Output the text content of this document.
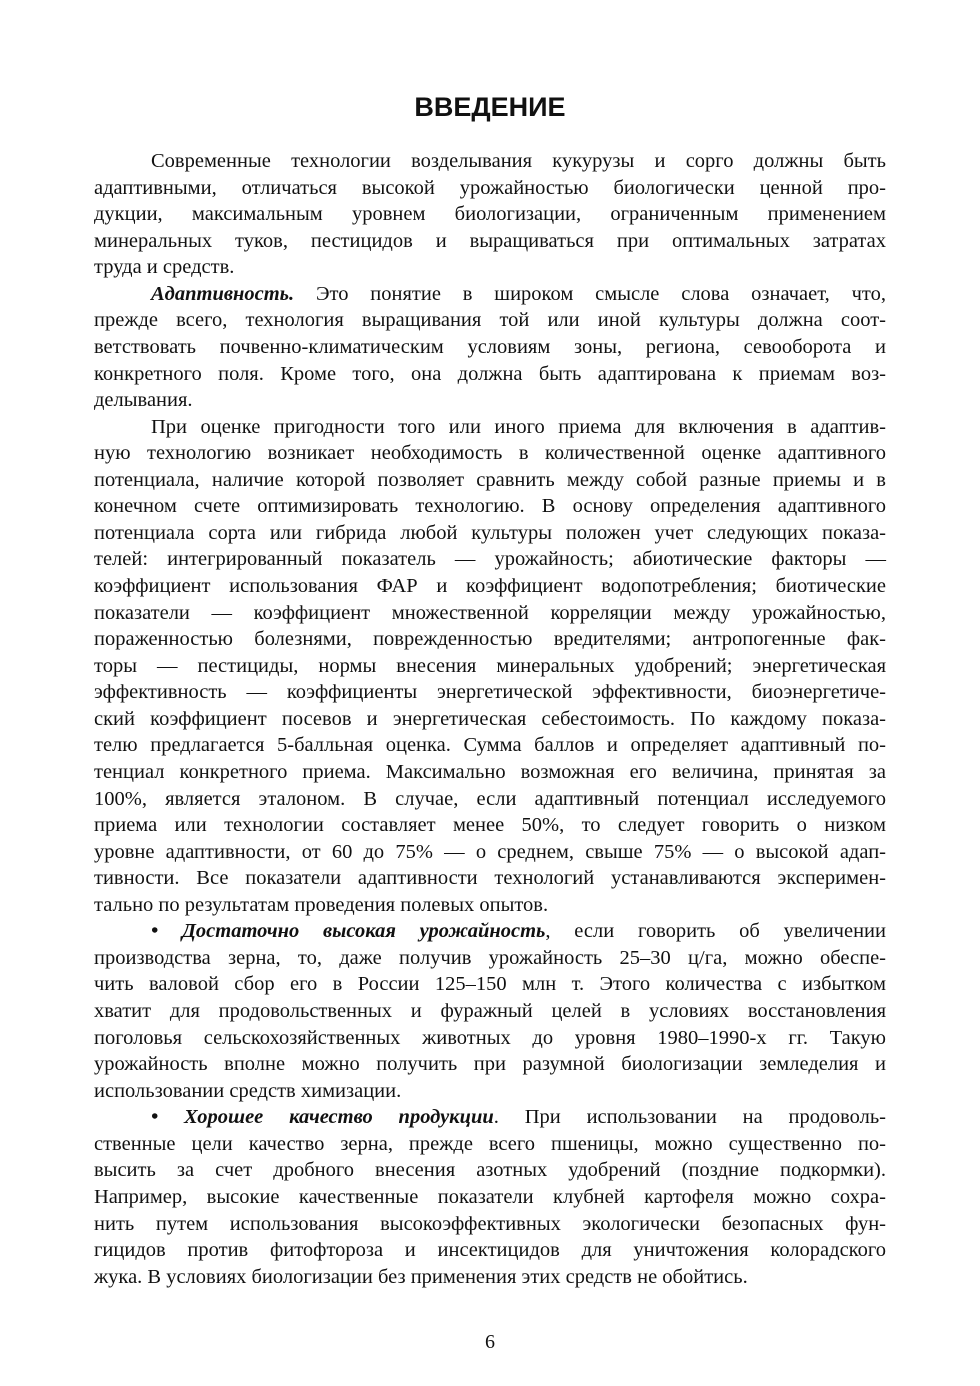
ВВЕДЕНИЕ
Современные технологии возделывания кукурузы и сорго должны быть
адаптивными, отличаться высокой урожайностью биологически ценной про-
дукции, максимальным уровнем биологизации, ограниченным применением
минеральных туков, пестицидов и выращиваться при оптимальных затратах
труда и средств.
Адаптивность. Это понятие в широком смысле слова означает, что,
прежде всего, технология выращивания той или иной культуры должна соот-
ветствовать почвенно-климатическим условиям зоны, региона, севооборота и
конкретного поля. Кроме того, она должна быть адаптирована к приемам воз-
делывания.
При оценке пригодности того или иного приема для включения в адаптив-
ную технологию возникает необходимость в количественной оценке адаптивного
потенциала, наличие которой позволяет сравнить между собой разные приемы и в
конечном счете оптимизировать технологию. В основу определения адаптивного
потенциала сорта или гибрида любой культуры положен учет следующих показа-
телей: интегрированный показатель — урожайность; абиотические факторы —
коэффициент использования ФАР и коэффициент водопотребления; биотические
показатели — коэффициент множественной корреляции между урожайностью,
пораженностью болезнями, поврежденностью вредителями; антропогенные фак-
торы — пестициды, нормы внесения минеральных удобрений; энергетическая
эффективность — коэффициенты энергетической эффективности, биоэнергетиче-
ский коэффициент посевов и энергетическая себестоимость. По каждому показа-
телю предлагается 5-балльная оценка. Сумма баллов и определяет адаптивный по-
тенциал конкретного приема. Максимально возможная его величина, принятая за
100%, является эталоном. В случае, если адаптивный потенциал исследуемого
приема или технологии составляет менее 50%, то следует говорить о низком
уровне адаптивности, от 60 до 75% — о среднем, свыше 75% — о высокой адап-
тивности. Все показатели адаптивности технологий устанавливаются эксперимен-
тально по результатам проведения полевых опытов.
• Достаточно высокая урожайность, если говорить об увеличении
производства зерна, то, даже получив урожайность 25–30 ц/га, можно обеспе-
чить валовой сбор его в России 125–150 млн т. Этого количества с избытком
хватит для продовольственных и фуражный целей в условиях восстановления
поголовья сельскохозяйственных животных до уровня 1980–1990-х гг. Такую
урожайность вполне можно получить при разумной биологизации земледелия и
использовании средств химизации.
• Хорошее качество продукции. При использовании на продоволь-
ственные цели качество зерна, прежде всего пшеницы, можно существенно по-
высить за счет дробного внесения азотных удобрений (поздние подкормки).
Например, высокие качественные показатели клубней картофеля можно сохра-
нить путем использования высокоэффективных экологически безопасных фун-
гицидов против фитофтороза и инсектицидов для уничтожения колорадского
жука. В условиях биологизации без применения этих средств не обойтись.
6
